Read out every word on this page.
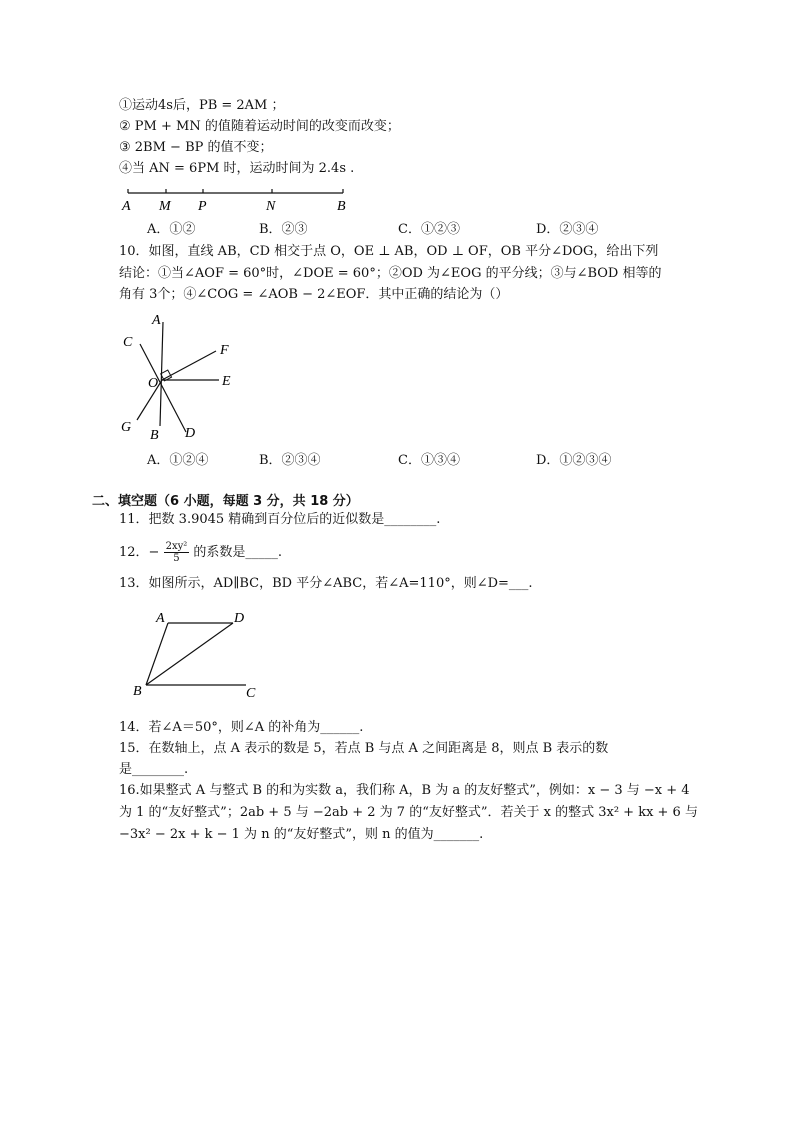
①运动4s后，PB = 2AM ；
② PM + MN 的值随着运动时间的改变而改变；
③ 2BM − BP 的值不变；
④当 AN = 6PM 时，运动时间为 2.4s .
A M P	N	B
A．①②	B．②③	C．①②③	D．②③④
10．如图，直线 AB，CD 相交于点 O，OE ⊥ AB，OD ⊥ OF，OB 平分∠DOG，给出下列
结论：①当∠AOF = 60°时，∠DOE = 60°；②OD 为∠EOG 的平分线；③与∠BOD 相等的
角有 3个；④∠COG = ∠AOB − 2∠EOF．其中正确的结论为（）
A
C
F
O	E
G
B D
A．①②④	B．②③④	C．①③④	D．①②③④
二、填空题（6 小题，每题 3 分，共 18 分）
11．把数 3.9045 精确到百分位后的近似数是________.
12．− $\frac{\text{2xy²}}{5}$ 的系数是_____.
13．如图所示，AD∥BC，BD 平分∠ABC，若∠A=110°，则∠D=___.
A	D
B	C
14．若∠A＝50°，则∠A 的补角为______.
15．在数轴上，点 A 表示的数是 5，若点 B 与点 A 之间距离是 8，则点 B 表示的数
是________.
16.如果整式 A 与整式 B 的和为实数 a，我们称 A，B 为 a 的友好整式”，例如：x − 3 与 −x + 4
为 1 的“友好整式”；2ab + 5 与 −2ab + 2 为 7 的“友好整式”．若关于 x 的整式 3x² + kx + 6 与
−3x² − 2x + k − 1 为 n 的“友好整式”，则 n 的值为_______.
